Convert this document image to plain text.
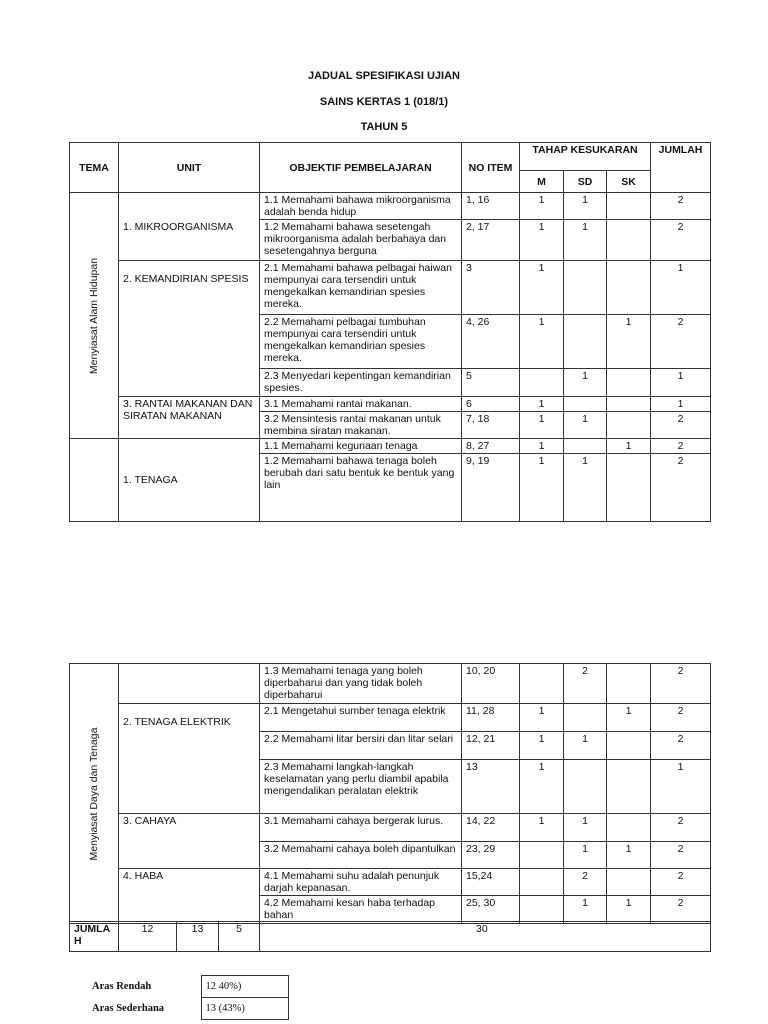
JADUAL SPESIFIKASI UJIAN
SAINS KERTAS 1 (018/1)
TAHUN 5
TEMA	UNIT	OBJEKTIF PEMBELAJARAN	NO ITEM	TAHAP KESUKARAN			JUMLAH
				M	SD	SK	

Menyiasat Alam Hidupan	1. MIKROORGANISMA	1.1 Memahami bahawa mikroorganisma adalah benda hidup	1, 16	1	1		2
		1.2 Memahami bahawa sesetengah mikroorganisma adalah berbahaya dan sesetengahnya berguna	2, 17	1	1		2
	2. KEMANDIRIAN SPESIS	2.1 Memahami bahawa pelbagai haiwan mempunyai cara tersendiri untuk mengekalkan kemandirian spesies mereka.	3	1			1
		2.2 Memahami pelbagai tumbuhan mempunyai cara tersendiri untuk mengekalkan kemandirian spesies mereka.	4, 26	1		1	2
		2.3 Menyedari kepentingan kemandirian spesies.	5		1		1
	3. RANTAI MAKANAN DAN SIRATAN MAKANAN	3.1 Memahami rantai makanan.	6	1			1
		3.2 Mensintesis rantai makanan untuk membina siratan makanan.	7, 18	1	1		2
	1. TENAGA	1.1 Memahami kegunaan tenaga	8, 27	1		1	2
		1.2 Memahami bahawa tenaga boleh berubah dari satu bentuk ke bentuk yang lain	9, 19	1	1		2
Menyiasat Daya dan Tenaga		1.3 Memahami tenaga yang boleh diperbaharui dan yang tidak boleh diperbaharui	10, 20		2		2
	2. TENAGA ELEKTRIK	2.1 Mengetahui sumber tenaga elektrik	11, 28	1		1	2
		2.2 Memahami litar bersiri dan litar selari	12, 21	1	1		2
		2.3 Memahami langkah-langkah keselamatan yang perlu diambil apabila mengendalikan peralatan elektrik	13	1			1
	3. CAHAYA	3.1 Memahami cahaya bergerak lurus.	14, 22	1	1		2
		3.2 Memahami cahaya boleh dipantulkan	23, 29		1	1	2
	4. HABA	4.1 Memahami suhu adalah penunjuk darjah kepanasan.	15,24		2		2
		4.2 Memahami kesan haba terhadap bahan	25, 30		1	1	2
JUMLAH	12	13	5	30
Aras Rendah	12 40%)
Aras Sederhana	13 (43%)
